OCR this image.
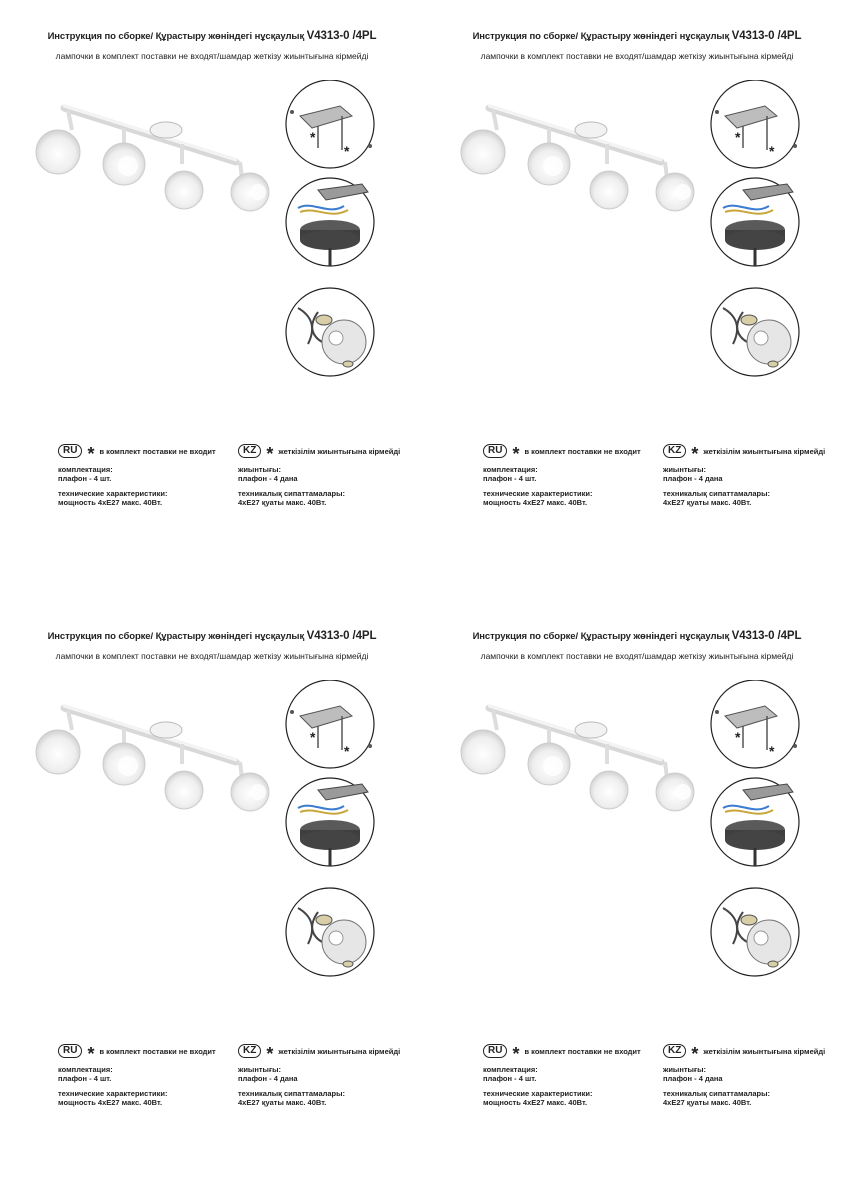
Инструкция по сборке/ Құрастыру жөніндегі нұсқаулық V4313-0 /4PL
лампочки в комплект поставки не входят/шамдар жеткізу жиынтығына кірмейді
*
*
RU * в комплект поставки не входит
комплектация:
плафон - 4 шт.
технические характеристики:
мощность 4xE27 макс. 40Вт.
KZ * жеткізілім жиынтығына кірмейді
жиынтығы:
плафон - 4 дана
техникалық сипаттамалары:
4xE27 қуаты макс. 40Вт.
Инструкция по сборке/ Құрастыру жөніндегі нұсқаулық V4313-0 /4PL
лампочки в комплект поставки не входят/шамдар жеткізу жиынтығына кірмейді
*
*
RU * в комплект поставки не входит
комплектация:
плафон - 4 шт.
технические характеристики:
мощность 4xE27 макс. 40Вт.
KZ * жеткізілім жиынтығына кірмейді
жиынтығы:
плафон - 4 дана
техникалық сипаттамалары:
4xE27 қуаты макс. 40Вт.
Инструкция по сборке/ Құрастыру жөніндегі нұсқаулық V4313-0 /4PL
лампочки в комплект поставки не входят/шамдар жеткізу жиынтығына кірмейді
*
*
RU * в комплект поставки не входит
комплектация:
плафон - 4 шт.
технические характеристики:
мощность 4xE27 макс. 40Вт.
KZ * жеткізілім жиынтығына кірмейді
жиынтығы:
плафон - 4 дана
техникалық сипаттамалары:
4xE27 қуаты макс. 40Вт.
Инструкция по сборке/ Құрастыру жөніндегі нұсқаулық V4313-0 /4PL
лампочки в комплект поставки не входят/шамдар жеткізу жиынтығына кірмейді
*
*
RU * в комплект поставки не входит
комплектация:
плафон - 4 шт.
технические характеристики:
мощность 4xE27 макс. 40Вт.
KZ * жеткізілім жиынтығына кірмейді
жиынтығы:
плафон - 4 дана
техникалық сипаттамалары:
4xE27 қуаты макс. 40Вт.
